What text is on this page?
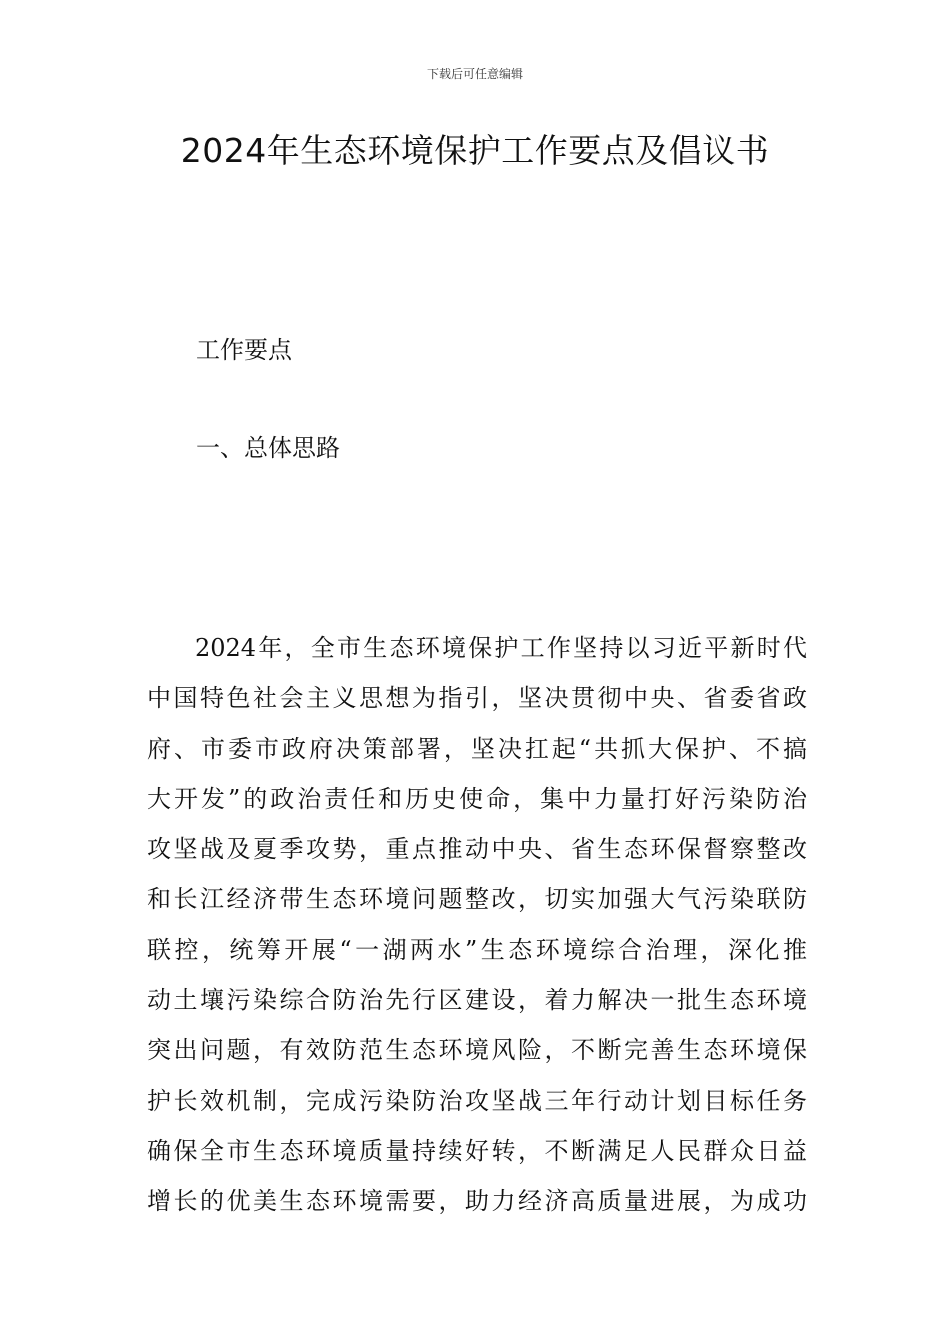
下载后可任意编辑
2024年生态环境保护工作要点及倡议书
工作要点
一、总体思路
2024年，全市生态环境保护工作坚持以习近平新时代
中国特色社会主义思想为指引，坚决贯彻中央、省委省政
府、市委市政府决策部署，坚决扛起“共抓大保护、不搞
大开发”的政治责任和历史使命，集中力量打好污染防治
攻坚战及夏季攻势，重点推动中央、省生态环保督察整改
和长江经济带生态环境问题整改，切实加强大气污染联防
联控，统筹开展“一湖两水”生态环境综合治理，深化推
动土壤污染综合防治先行区建设，着力解决一批生态环境
突出问题，有效防范生态环境风险，不断完善生态环境保
护长效机制，完成污染防治攻坚战三年行动计划目标任务
确保全市生态环境质量持续好转，不断满足人民群众日益
增长的优美生态环境需要，助力经济高质量进展，为成功
